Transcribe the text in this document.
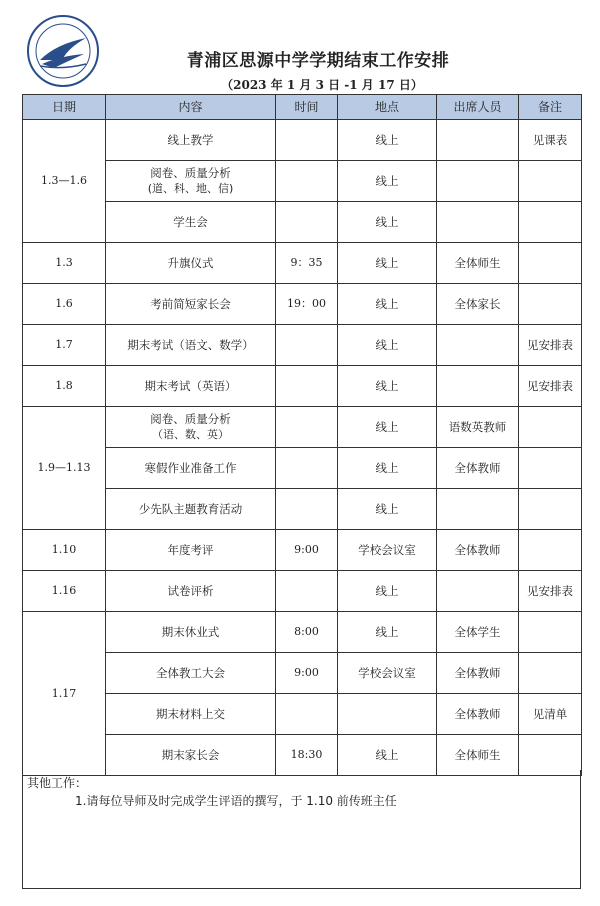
青浦区思源中学学期结束工作安排
（2023 年 1 月 3 日 -1 月 17 日）
日期	内容	时间	地点	出席人员	备注
1.3—1.6	线上教学		线上		见课表
	阅卷、质量分析
(道、科、地、信)		线上		
	学生会		线上		
1.3	升旗仪式	9：35	线上	全体师生	
1.6	考前简短家长会	19：00	线上	全体家长	
1.7	期末考试（语文、数学）		线上		见安排表
1.8	期末考试（英语）		线上		见安排表
1.9—1.13	阅卷、质量分析
（语、数、英）		线上	语数英教师	
	寒假作业准备工作		线上	全体教师	
	少先队主题教育活动		线上		
1.10	年度考评	9:00	学校会议室	全体教师	
1.16	试卷评析		线上		见安排表
1.17	期末休业式	8:00	线上	全体学生	
	全体教工大会	9:00	学校会议室	全体教师	
	期末材料上交			全体教师	见清单
	期末家长会	18:30	线上	全体师生	
其他工作：
1.请每位导师及时完成学生评语的撰写，于 1.10 前传班主任
